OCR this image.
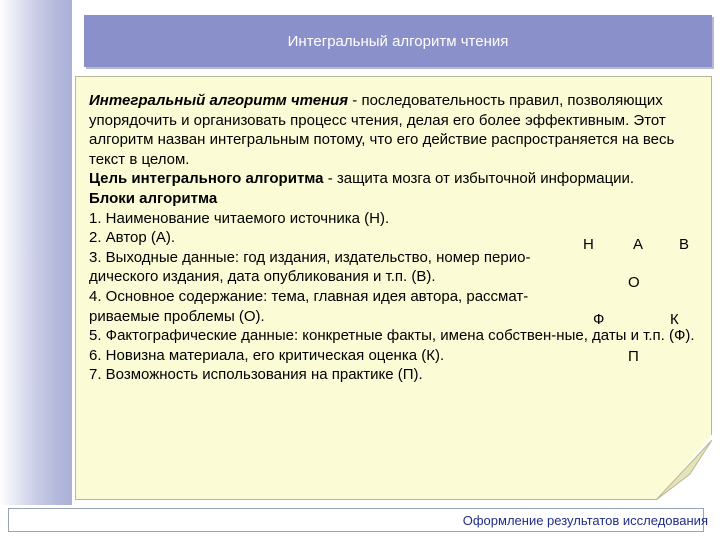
Интегральный алгоритм чтения

Интегральный алгоритм чтения - последовательность правил, позволяющих упорядочить и организовать процесс чтения, делая его более эффективным. Этот алгоритм назван интегральным потому, что его действие распространяется на весь текст в целом.

Цель интегрального алгоритма - защита мозга от избыточной информации.

Блоки алгоритма

1. Наименование читаемого источника (Н).

2. Автор (А).

3. Выходные данные: год издания, издательство, номер перио-дического издания, дата опубликования и т.п. (В).

4. Основное содержание: тема, главная идея автора, рассмат-риваемые проблемы (О).

5. Фактографические данные: конкретные факты, имена собствен-ные, даты и т.п. (Ф).

6. Новизна материала, его критическая оценка (К).

7. Возможность использования на практике (П).

Н	А В
О
Ф	К
П
Оформление результатов исследования
